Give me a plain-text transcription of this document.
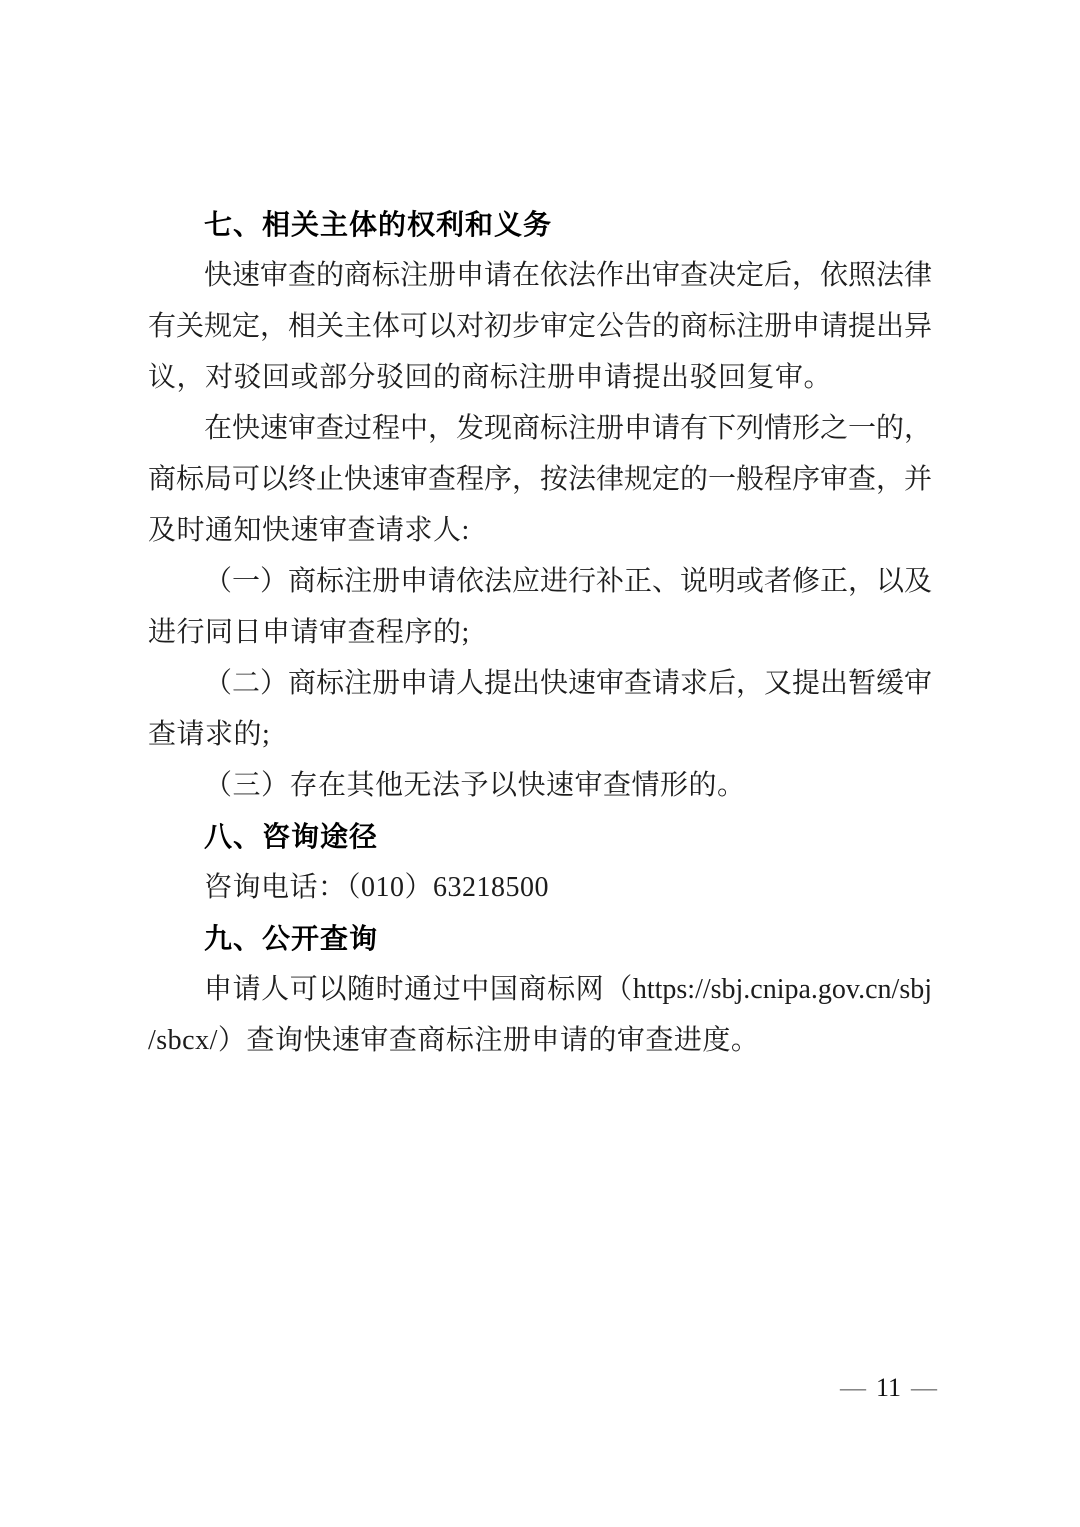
七、相关主体的权利和义务
快速审查的商标注册申请在依法作出审查决定后，依照法律
有关规定，相关主体可以对初步审定公告的商标注册申请提出异
议，对驳回或部分驳回的商标注册申请提出驳回复审。
在快速审查过程中，发现商标注册申请有下列情形之一的，
商标局可以终止快速审查程序，按法律规定的一般程序审查，并
及时通知快速审查请求人:
（一）商标注册申请依法应进行补正、说明或者修正，以及
进行同日申请审查程序的;
（二）商标注册申请人提出快速审查请求后，又提出暂缓审
查请求的;
（三）存在其他无法予以快速审查情形的。
八、咨询途径
咨询电话：（010）63218500
九、公开查询
申请人可以随时通过中国商标网（https://sbj.cnipa.gov.cn/sbj
/sbcx/）查询快速审查商标注册申请的审查进度。
— 11 —
